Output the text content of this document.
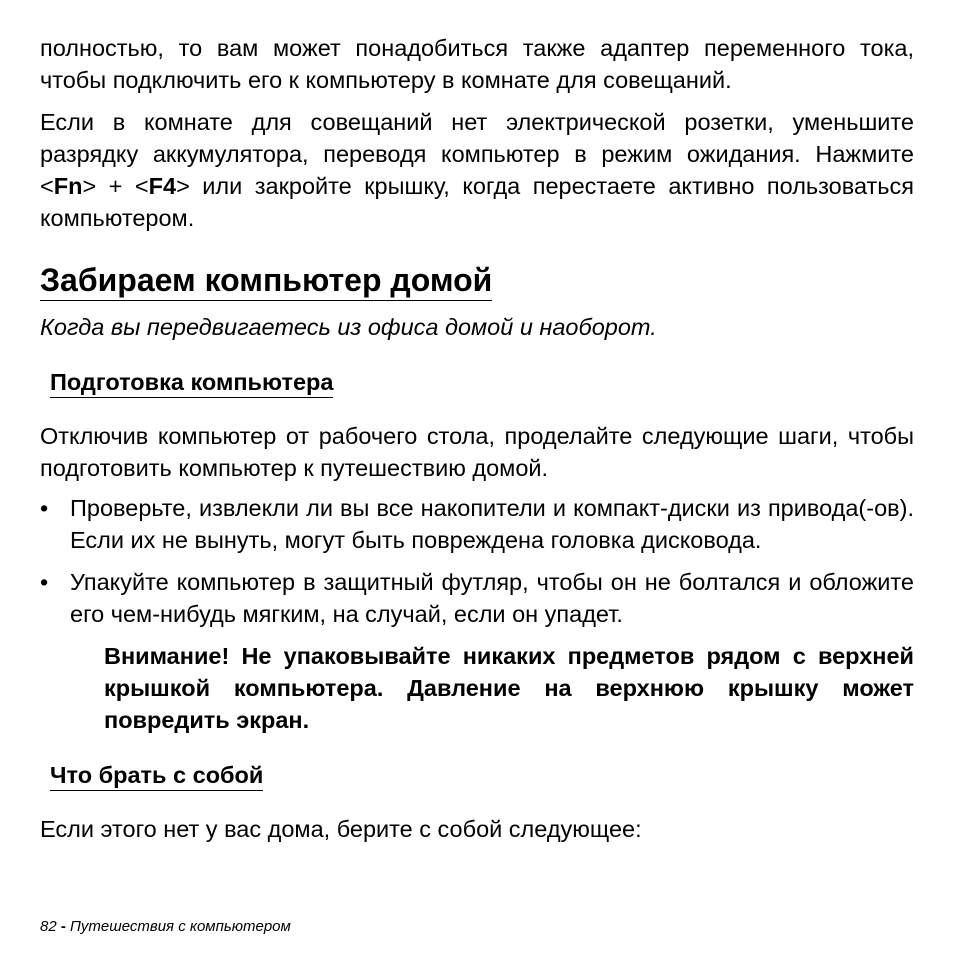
полностью, то вам может понадобиться также адаптер переменного тока, чтобы подключить его к компьютеру в комнате для совещаний.

Если в комнате для совещаний нет электрической розетки, уменьшите разрядку аккумулятора, переводя компьютер в режим ожидания. Нажмите <Fn> + <F4> или закройте крышку, когда перестаете активно пользоваться компьютером.

Забираем компьютер домой

Когда вы передвигаетесь из офиса домой и наоборот.

Подготовка компьютера

Отключив компьютер от рабочего стола, проделайте следующие шаги, чтобы подготовить компьютер к путешествию домой.

• Проверьте, извлекли ли вы все накопители и компакт-диски из привода(-ов). Если их не вынуть, могут быть повреждена головка дисковода.
• Упакуйте компьютер в защитный футляр, чтобы он не болтался и обложите его чем-нибудь мягким, на случай, если он упадет.

Внимание! Не упаковывайте никаких предметов рядом с верхней крышкой компьютера. Давление на верхнюю крышку может повредить экран.

Что брать с собой

Если этого нет у вас дома, берите с собой следующее:

82 - Путешествия с компьютером
